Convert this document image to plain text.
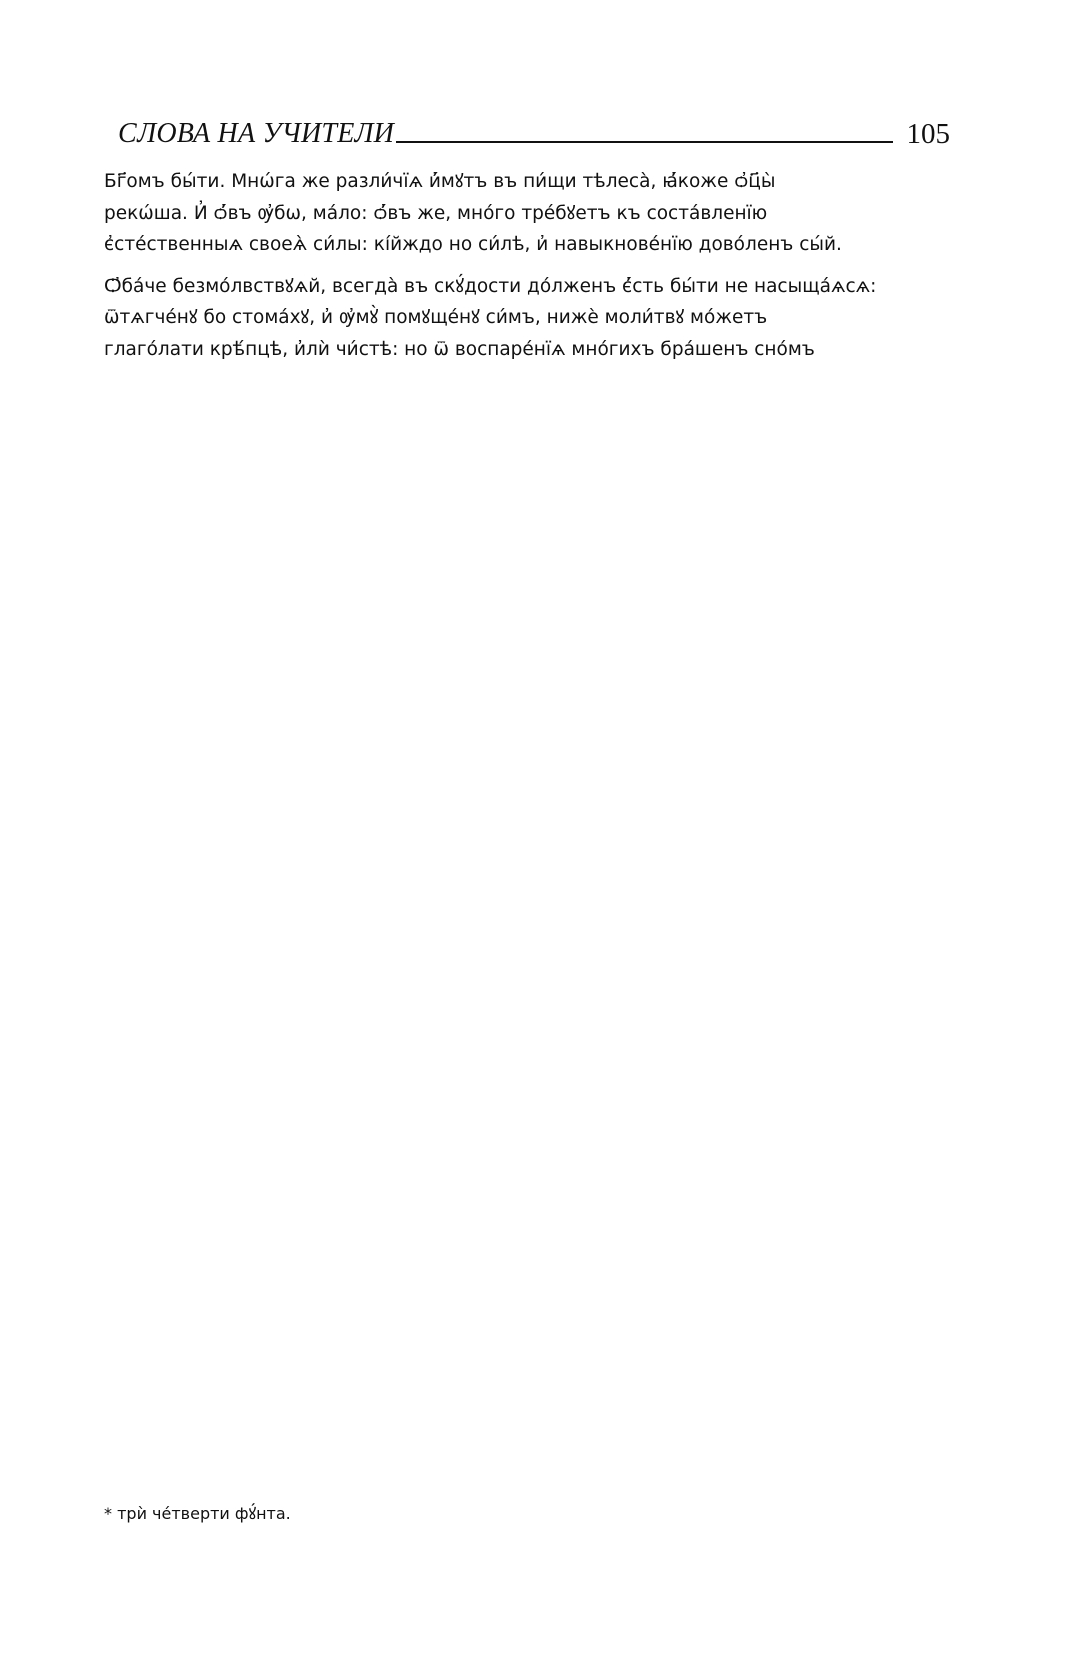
СЛОВА НА УЧИТЕЛИ	105
Бг҃омъ бы́ти. Мнѡ́га же разли́чїѧ и҆́мꙋтъ въ пи́щи тѣлеса̀, ꙗ҆́коже ѻ҆ц҃ы̀
рекѡ́ша. И҆ ѻ҆́въ ѹ҆бѡ, ма́ло: ѻ҆́въ же, мно́го тре́бꙋетъ къ соста́вленїю
є҆сте́ственныѧ своеѧ̀ си́лы: кі́йждо но си́лѣ, и҆ навыкнове́нїю дово́ленъ сы́й.
Ѻ҆ба́че безмо́лвствꙋѧй, всегда̀ въ скꙋ́дости до́лженъ є҆́сть бы́ти не насыща́ѧсѧ:
ѿтѧгче́нꙋ бо стома́хꙋ, и҆ ѹ҆мꙋ̀ помꙋще́нꙋ си́мъ, нижѐ моли́твꙋ мо́жетъ
глаго́лати крѣ́пцѣ, и҆лѝ чи́стѣ: но ѿ воспаре́нїѧ мно́гихъ бра́шенъ сно́мъ
* трѝ че́тверти фꙋ́нта.
